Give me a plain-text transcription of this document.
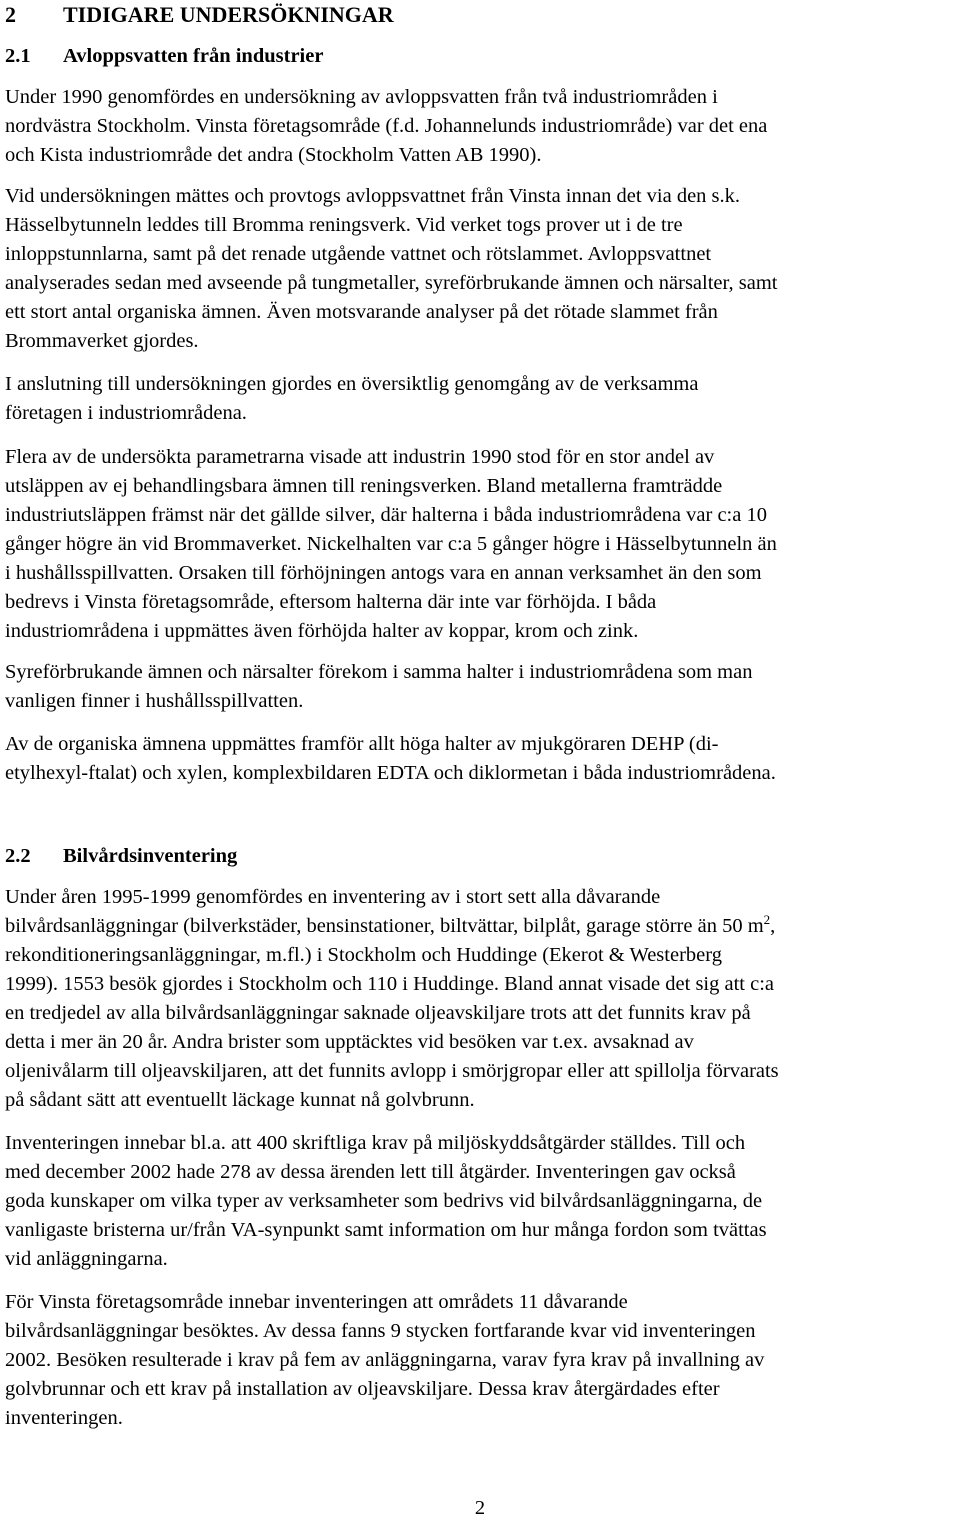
2 TIDIGARE UNDERSÖKNINGAR
2.1 Avloppsvatten från industrier

Under 1990 genomfördes en undersökning av avloppsvatten från två industriområden i
nordvästra Stockholm. Vinsta företagsområde (f.d. Johannelunds industriområde) var det ena
och Kista industriområde det andra (Stockholm Vatten AB 1990).

Vid undersökningen mättes och provtogs avloppsvattnet från Vinsta innan det via den s.k.
Hässelbytunneln leddes till Bromma reningsverk. Vid verket togs prover ut i de tre
inloppstunnlarna, samt på det renade utgående vattnet och rötslammet. Avloppsvattnet
analyserades sedan med avseende på tungmetaller, syreförbrukande ämnen och närsalter, samt
ett stort antal organiska ämnen. Även motsvarande analyser på det rötade slammet från
Brommaverket gjordes.

I anslutning till undersökningen gjordes en översiktlig genomgång av de verksamma
företagen i industriområdena.

Flera av de undersökta parametrarna visade att industrin 1990 stod för en stor andel av
utsläppen av ej behandlingsbara ämnen till reningsverken. Bland metallerna framträdde
industriutsläppen främst när det gällde silver, där halterna i båda industriområdena var c:a 10
gånger högre än vid Brommaverket. Nickelhalten var c:a 5 gånger högre i Hässelbytunneln än
i hushållsspillvatten. Orsaken till förhöjningen antogs vara en annan verksamhet än den som
bedrevs i Vinsta företagsområde, eftersom halterna där inte var förhöjda. I båda
industriområdena i uppmättes även förhöjda halter av koppar, krom och zink.

Syreförbrukande ämnen och närsalter förekom i samma halter i industriområdena som man
vanligen finner i hushållsspillvatten.

Av de organiska ämnena uppmättes framför allt höga halter av mjukgöraren DEHP (di-
etylhexyl-ftalat) och xylen, komplexbildaren EDTA och diklormetan i båda industriområdena.

2.2 Bilvårdsinventering

Under åren 1995-1999 genomfördes en inventering av i stort sett alla dåvarande
bilvårdsanläggningar (bilverkstäder, bensinstationer, biltvättar, bilplåt, garage större än 50 $m^2$,
rekonditioneringsanläggningar, m.fl.) i Stockholm och Huddinge (Ekerot & Westerberg
1999). 1553 besök gjordes i Stockholm och 110 i Huddinge. Bland annat visade det sig att c:a
en tredjedel av alla bilvårdsanläggningar saknade oljeavskiljare trots att det funnits krav på
detta i mer än 20 år. Andra brister som upptäcktes vid besöken var t.ex. avsaknad av
oljenivålarm till oljeavskiljaren, att det funnits avlopp i smörjgropar eller att spillolja förvarats
på sådant sätt att eventuellt läckage kunnat nå golvbrunn.

Inventeringen innebar bl.a. att 400 skriftliga krav på miljöskyddsåtgärder ställdes. Till och
med december 2002 hade 278 av dessa ärenden lett till åtgärder. Inventeringen gav också
goda kunskaper om vilka typer av verksamheter som bedrivs vid bilvårdsanläggningarna, de
vanligaste bristerna ur/från VA-synpunkt samt information om hur många fordon som tvättas
vid anläggningarna.

För Vinsta företagsområde innebar inventeringen att områdets 11 dåvarande
bilvårdsanläggningar besöktes. Av dessa fanns 9 stycken fortfarande kvar vid inventeringen
2002. Besöken resulterade i krav på fem av anläggningarna, varav fyra krav på invallning av
golvbrunnar och ett krav på installation av oljeavskiljare. Dessa krav återgärdades efter
inventeringen.

2
